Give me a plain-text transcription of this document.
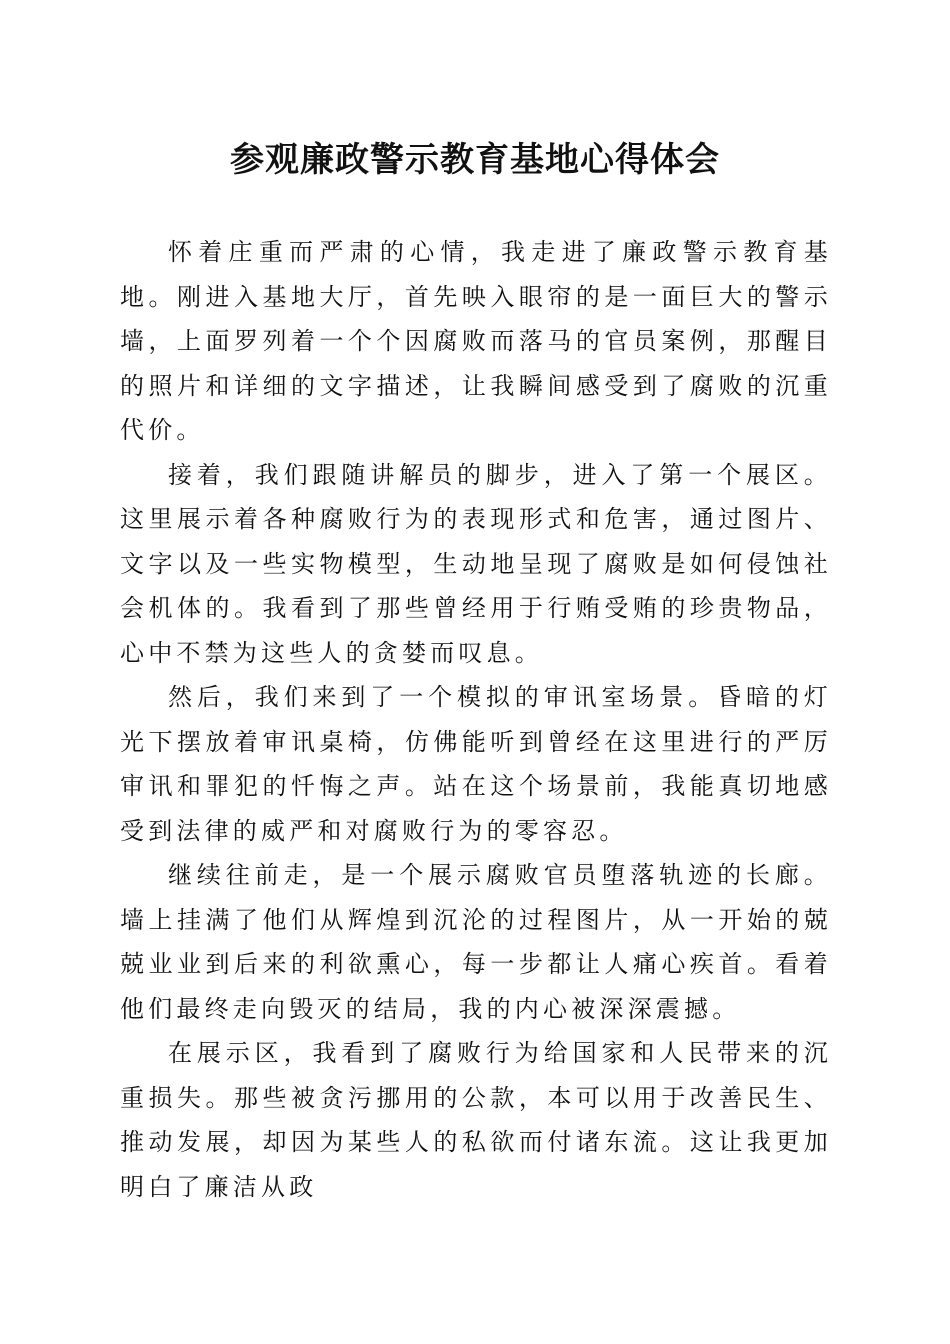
参观廉政警示教育基地心得体会

怀着庄重而严肃的心情，我走进了廉政警示教育基地。刚进入基地大厅，首先映入眼帘的是一面巨大的警示墙，上面罗列着一个个因腐败而落马的官员案例，那醒目的照片和详细的文字描述，让我瞬间感受到了腐败的沉重代价。

接着，我们跟随讲解员的脚步，进入了第一个展区。这里展示着各种腐败行为的表现形式和危害，通过图片、文字以及一些实物模型，生动地呈现了腐败是如何侵蚀社会机体的。我看到了那些曾经用于行贿受贿的珍贵物品，心中不禁为这些人的贪婪而叹息。

然后，我们来到了一个模拟的审讯室场景。昏暗的灯光下摆放着审讯桌椅，仿佛能听到曾经在这里进行的严厉审讯和罪犯的忏悔之声。站在这个场景前，我能真切地感受到法律的威严和对腐败行为的零容忍。

继续往前走，是一个展示腐败官员堕落轨迹的长廊。墙上挂满了他们从辉煌到沉沦的过程图片，从一开始的兢兢业业到后来的利欲熏心，每一步都让人痛心疾首。看着他们最终走向毁灭的结局，我的内心被深深震撼。

在展示区，我看到了腐败行为给国家和人民带来的沉重损失。那些被贪污挪用的公款，本可以用于改善民生、推动发展，却因为某些人的私欲而付诸东流。这让我更加明白了廉洁从政
